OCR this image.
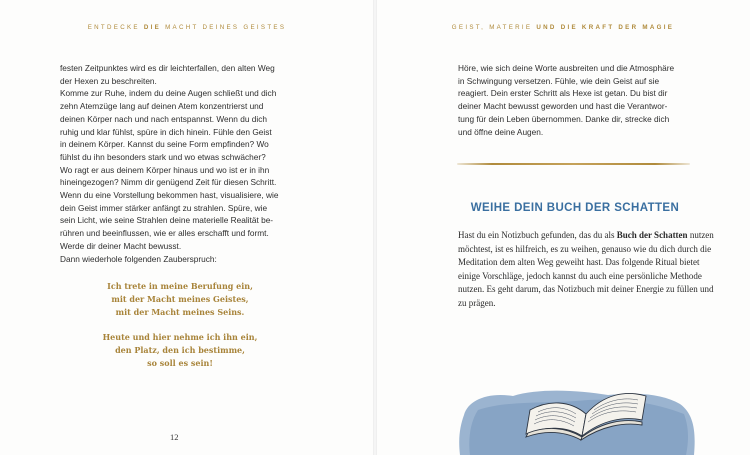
ENTDECKE DIE MACHT DEINES GEISTES
festen Zeitpunktes wird es dir leichterfallen, den alten Weg
der Hexen zu beschreiten.
Komme zur Ruhe, indem du deine Augen schließt und dich
zehn Atemzüge lang auf deinen Atem konzentrierst und
deinen Körper nach und nach entspannst. Wenn du dich
ruhig und klar fühlst, spüre in dich hinein. Fühle den Geist
in deinem Körper. Kannst du seine Form empfinden? Wo
fühlst du ihn besonders stark und wo etwas schwächer?
Wo ragt er aus deinem Körper hinaus und wo ist er in ihn
hineingezogen? Nimm dir genügend Zeit für diesen Schritt.
Wenn du eine Vorstellung bekommen hast, visualisiere, wie
dein Geist immer stärker anfängt zu strahlen. Spüre, wie
sein Licht, wie seine Strahlen deine materielle Realität be-
rühren und beeinflussen, wie er alles erschafft und formt.
Werde dir deiner Macht bewusst.
Dann wiederhole folgenden Zauberspruch:
Ich trete in meine Berufung ein,
mit der Macht meines Geistes,
mit der Macht meines Seins.
Heute und hier nehme ich ihn ein,
den Platz, den ich bestimme,
so soll es sein!
12
GEIST, MATERIE UND DIE KRAFT DER MAGIE
Höre, wie sich deine Worte ausbreiten und die Atmosphäre
in Schwingung versetzen. Fühle, wie dein Geist auf sie
reagiert. Dein erster Schritt als Hexe ist getan. Du bist dir
deiner Macht bewusst geworden und hast die Verantwor-
tung für dein Leben übernommen. Danke dir, strecke dich
und öffne deine Augen.
WEIHE DEIN BUCH DER SCHATTEN
Hast du ein Notizbuch gefunden, das du als Buch der Schatten nutzen
möchtest, ist es hilfreich, es zu weihen, genauso wie du dich durch die
Meditation dem alten Weg geweiht hast. Das folgende Ritual bietet
einige Vorschläge, jedoch kannst du auch eine persönliche Methode
nutzen. Es geht darum, das Notizbuch mit deiner Energie zu füllen und
zu prägen.
